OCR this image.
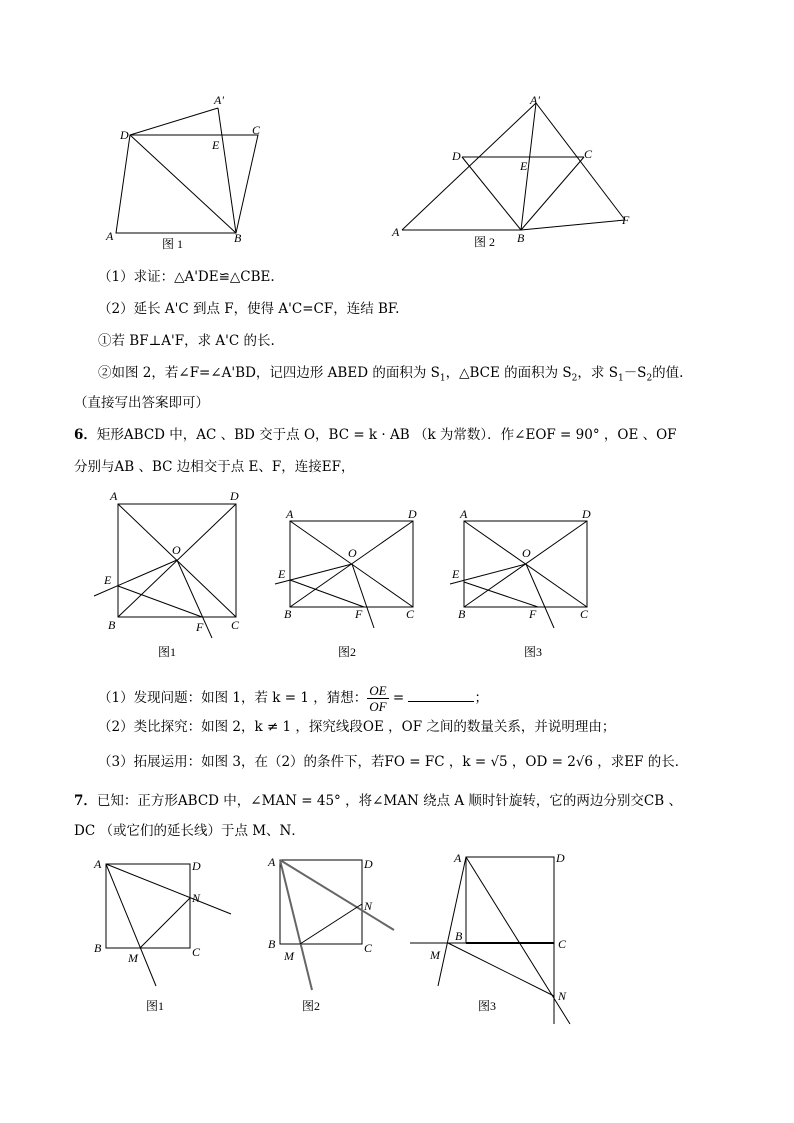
A	B
C
D
E
A'
图 1
A	B
C
D
E
F
A'
图 2
（1）求证：△A'DE≌△CBE.
（2）延长 A'C 到点 F，使得 A'C=CF，连结 BF.
①若 BF⊥A'F，求 A'C 的长.
②如图 2，若∠F=∠A'BD，记四边形 ABED 的面积为 $S_1$，△BCE 的面积为 $S_2$，求 $S_1-S_2$的值.
（直接写出答案即可）
6．矩形ABCD 中，AC 、BD 交于点 O，BC = k · AB （k 为常数）．作∠EOF = 90° ，OE 、OF
分别与AB 、BC 边相交于点 E、F，连接EF，
A	D
B	C
O
E
F
图1
A	D
B	C
O
E
F
图2
A	D
B	C
O
E
F
图3
（1）发现问题：如图 1，若 k = 1 ，猜想： $\frac{OE}{OF}$ =	；
（2）类比探究：如图 2，k ≠ 1 ，探究线段OE ，OF 之间的数量关系，并说明理由；
（3）拓展运用：如图 3，在（2）的条件下，若FO = FC ，k = √5 ，OD = 2√6 ，求EF 的长．
7．已知：正方形ABCD 中，∠MAN = 45° ，将∠MAN 绕点 A 顺时针旋转，它的两边分别交CB 、
DC （或它们的延长线）于点 M、N．
A	D
B	C
M
N
图1
A	D
B	C
M
N
图2
A	D
B
C
M
N
图3
